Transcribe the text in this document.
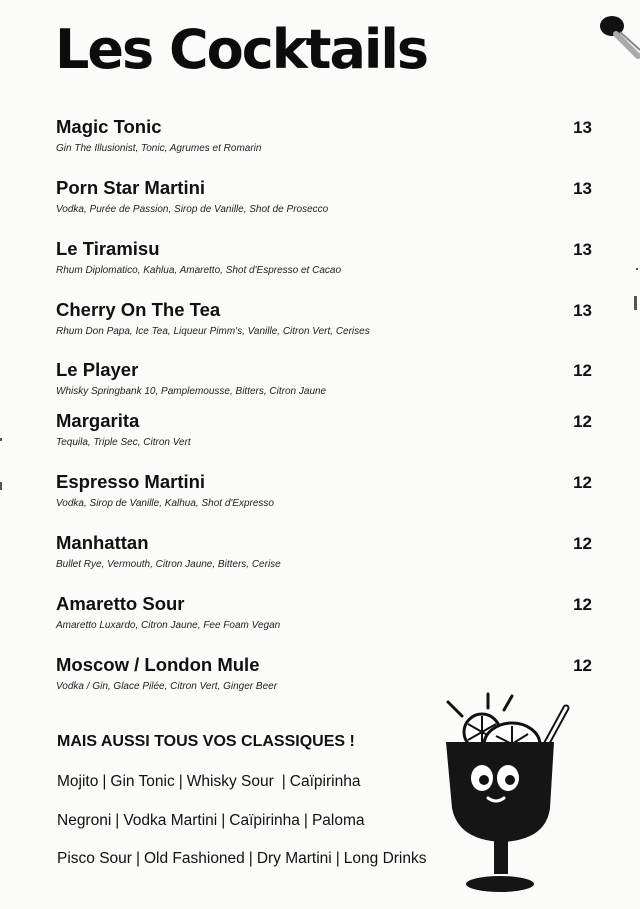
Les Cocktails
Magic Tonic
Gin The Illusionist, Tonic, Agrumes et Romarin
13
Porn Star Martini
Vodka, Purée de Passion, Sirop de Vanille, Shot de Prosecco
13
Le Tiramisu
Rhum Diplomatico, Kahlua, Amaretto, Shot d'Espresso et Cacao
13
Cherry On The Tea
Rhum Don Papa, Ice Tea, Liqueur Pimm's, Vanille, Citron Vert, Cerises
13
Le Player
Whisky Springbank 10, Pamplemousse, Bitters, Citron Jaune
12
Margarita
Tequila, Triple Sec, Citron Vert
12
Espresso Martini
Vodka, Sirop de Vanille, Kalhua, Shot d'Expresso
12
Manhattan
Bullet Rye, Vermouth, Citron Jaune, Bitters, Cerise
12
Amaretto Sour
Amaretto Luxardo, Citron Jaune, Fee Foam Vegan
12
Moscow / London Mule
Vodka / Gin, Glace Pilée, Citron Vert, Ginger Beer
12
MAIS AUSSI TOUS VOS CLASSIQUES !
Mojito | Gin Tonic | Whisky Sour | Caïpirinha
Negroni | Vodka Martini | Caïpirinha | Paloma
Pisco Sour | Old Fashioned | Dry Martini | Long Drinks
